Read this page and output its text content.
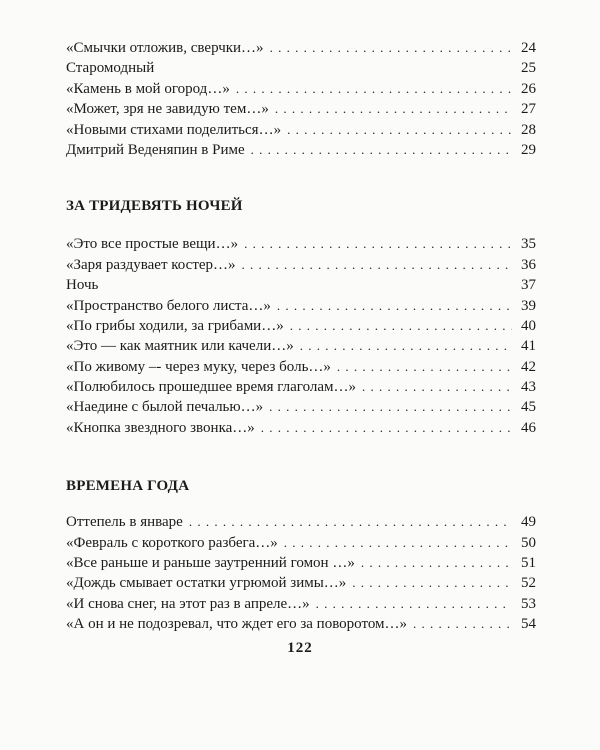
«Смычки отложив, сверчки…» . . .	24
Старомодный	25
«Камень в мой огород…» . . .	26
«Может, зря не завидую тем…» . . .	27
«Новыми стихами поделиться…» . . .	28
Дмитрий Веденяпин в Риме . . .	29
ЗА ТРИДЕВЯТЬ НОЧЕЙ
«Это все простые вещи…» . . .	35
«Заря раздувает костер…» . . .	36
Ночь	37
«Пространство белого листа…» . . .	39
«По грибы ходили, за грибами…» . . .	40
«Это — как маятник или качели…» . . .	41
«По живому –- через муку, через боль…» . . .	42
«Полюбилось прошедшее время глаголам…» . . .	43
«Наедине с былой печалью…» . . .	45
«Кнопка звездного звонка…» . . .	46
ВРЕМЕНА ГОДА
Оттепель в январе . . .	49
«Февраль с короткого разбега…» . . .	50
«Все раньше и раньше заутренний гомон …» . . .	51
«Дождь смывает остатки угрюмой зимы…» . . .	52
«И снова снег, на этот раз в апреле…» . . .	53
«А он и не подозревал, что ждет его за поворотом…» . . .	54
122
